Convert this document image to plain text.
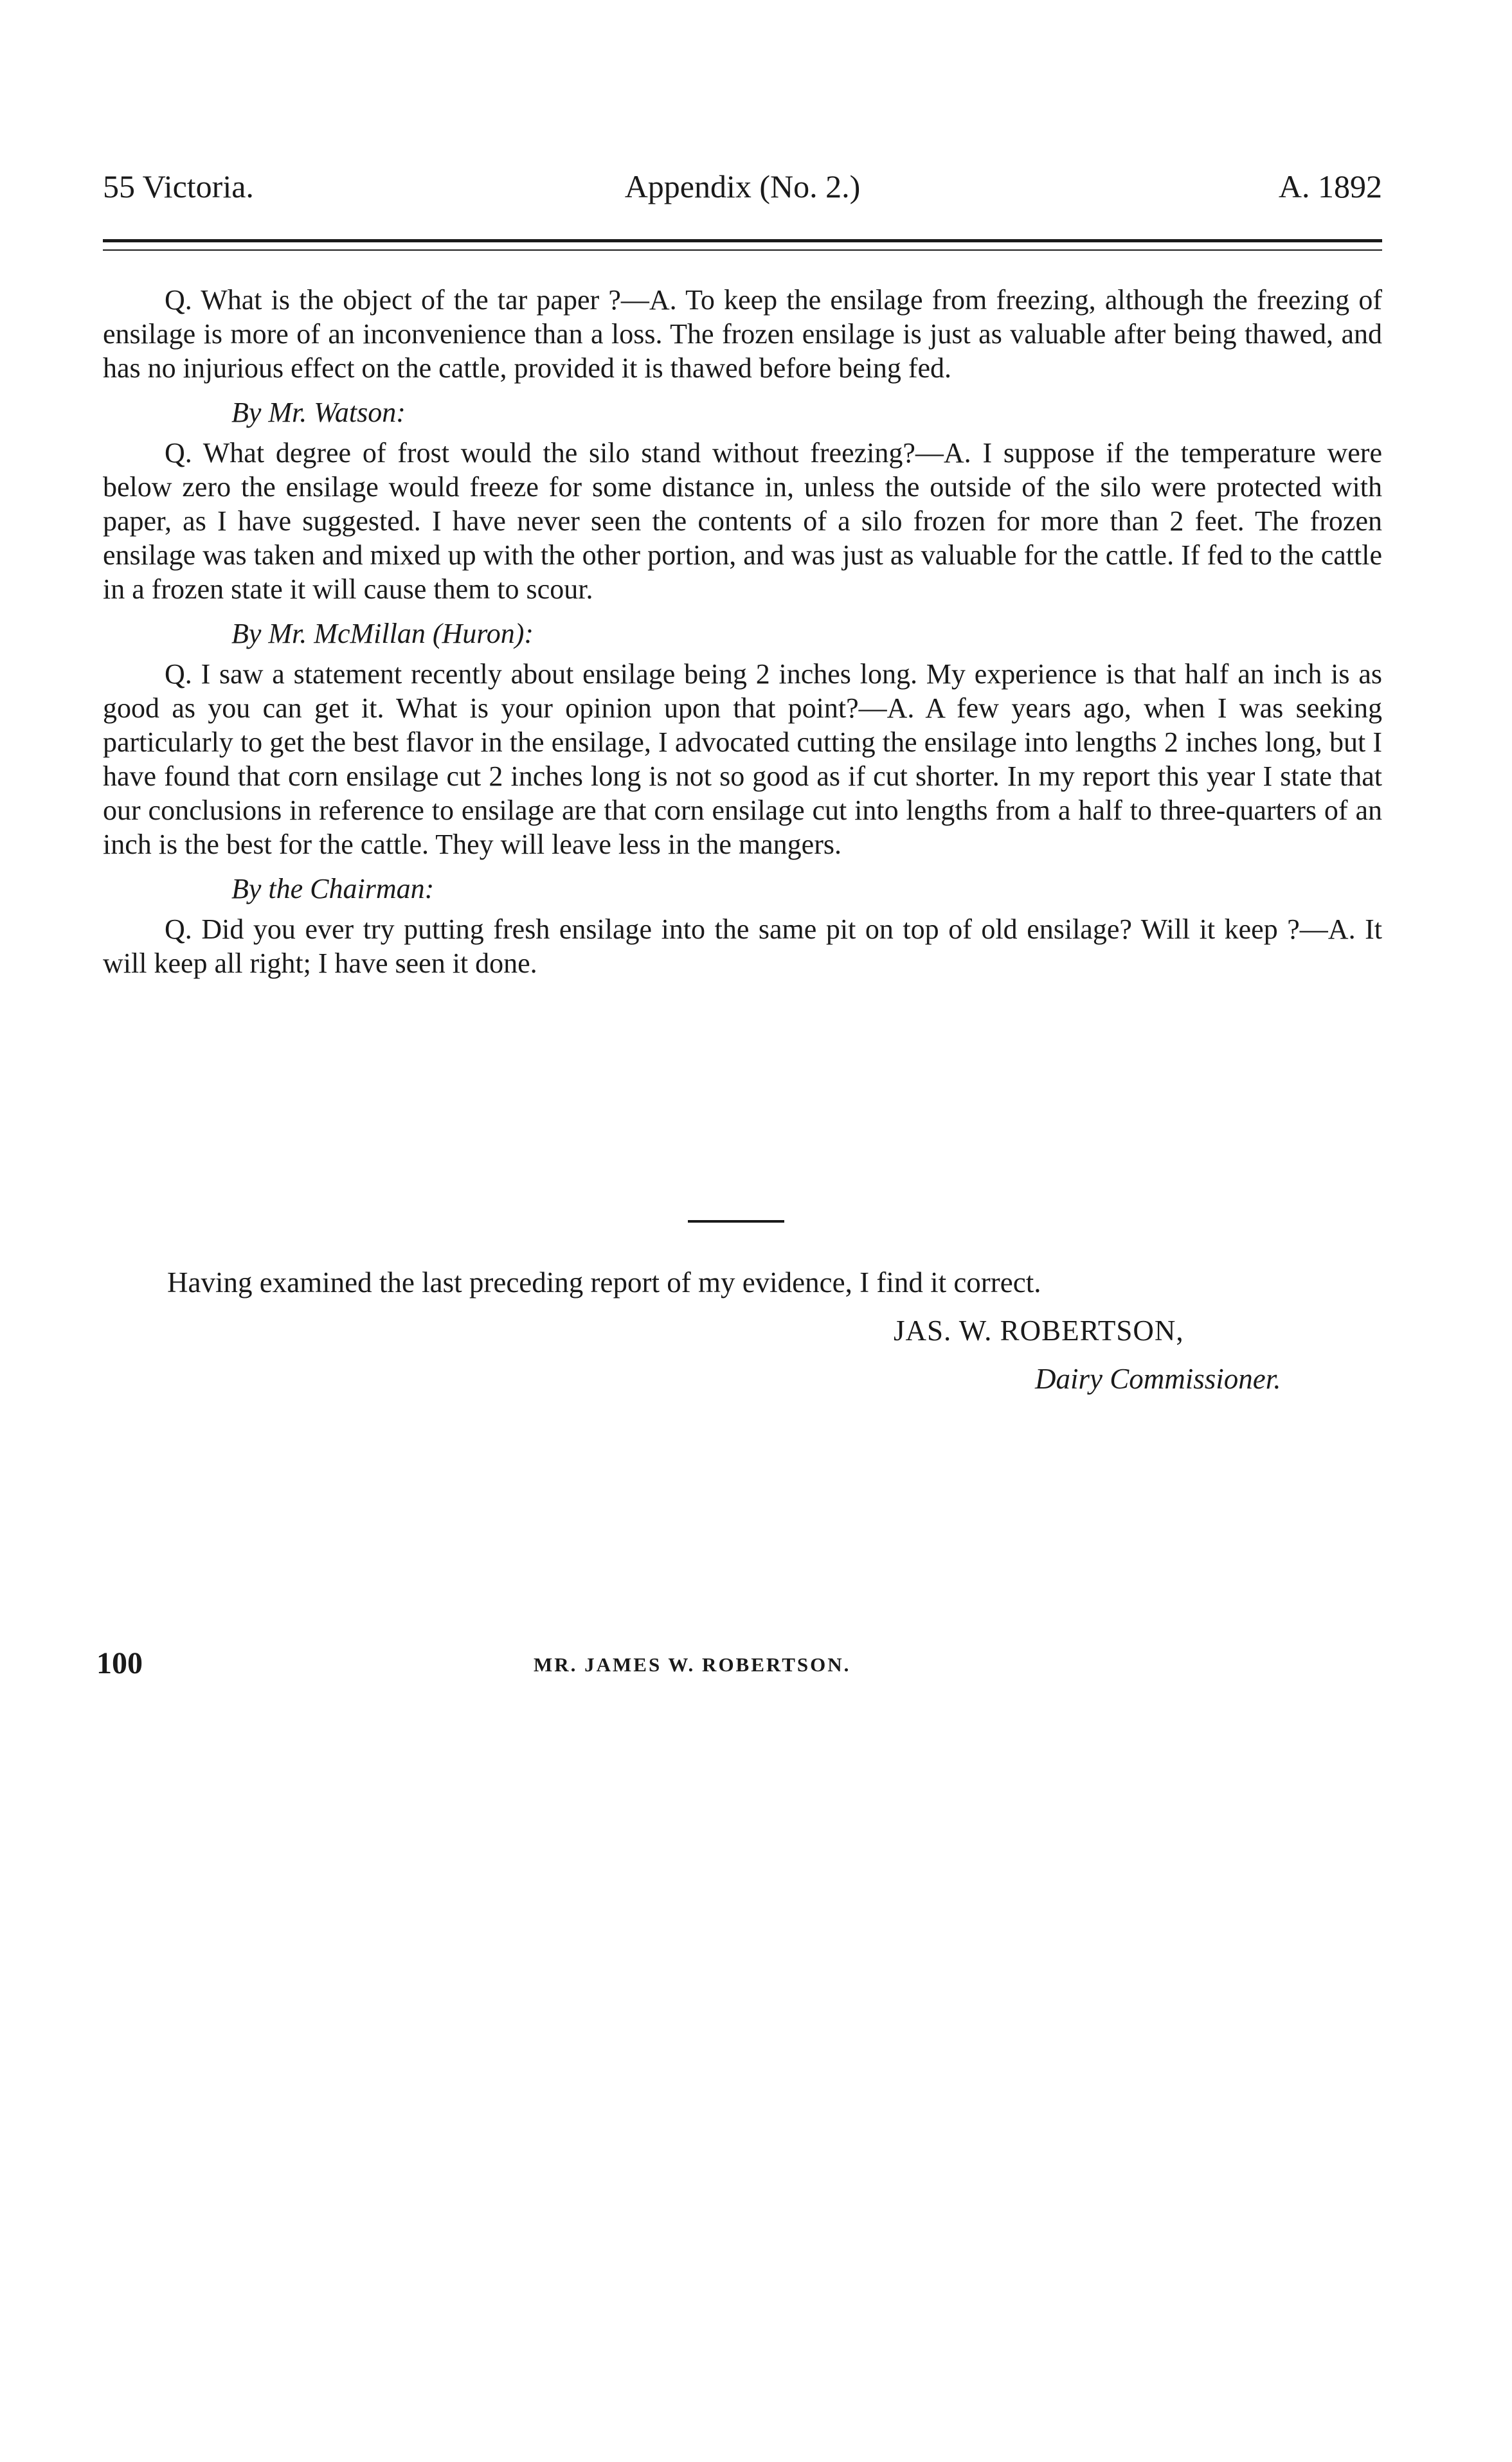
55 Victoria.	Appendix (No. 2.)	A. 1892

Q. What is the object of the tar paper ?—A. To keep the ensilage from freezing, although the freezing of ensilage is more of an inconvenience than a loss. The frozen ensilage is just as valuable after being thawed, and has no injurious effect on the cattle, provided it is thawed before being fed.

By Mr. Watson:

Q. What degree of frost would the silo stand without freezing?—A. I suppose if the temperature were below zero the ensilage would freeze for some distance in, unless the outside of the silo were protected with paper, as I have suggested. I have never seen the contents of a silo frozen for more than 2 feet. The frozen ensilage was taken and mixed up with the other portion, and was just as valuable for the cattle. If fed to the cattle in a frozen state it will cause them to scour.

By Mr. McMillan (Huron):

Q. I saw a statement recently about ensilage being 2 inches long. My experience is that half an inch is as good as you can get it. What is your opinion upon that point?—A. A few years ago, when I was seeking particularly to get the best flavor in the ensilage, I advocated cutting the ensilage into lengths 2 inches long, but I have found that corn ensilage cut 2 inches long is not so good as if cut shorter. In my report this year I state that our conclusions in reference to ensilage are that corn ensilage cut into lengths from a half to three-quarters of an inch is the best for the cattle. They will leave less in the mangers.

By the Chairman:

Q. Did you ever try putting fresh ensilage into the same pit on top of old ensilage? Will it keep ?—A. It will keep all right; I have seen it done.

Having examined the last preceding report of my evidence, I find it correct.
JAS. W. ROBERTSON,
Dairy Commissioner.
100	MR. JAMES W. ROBERTSON.
